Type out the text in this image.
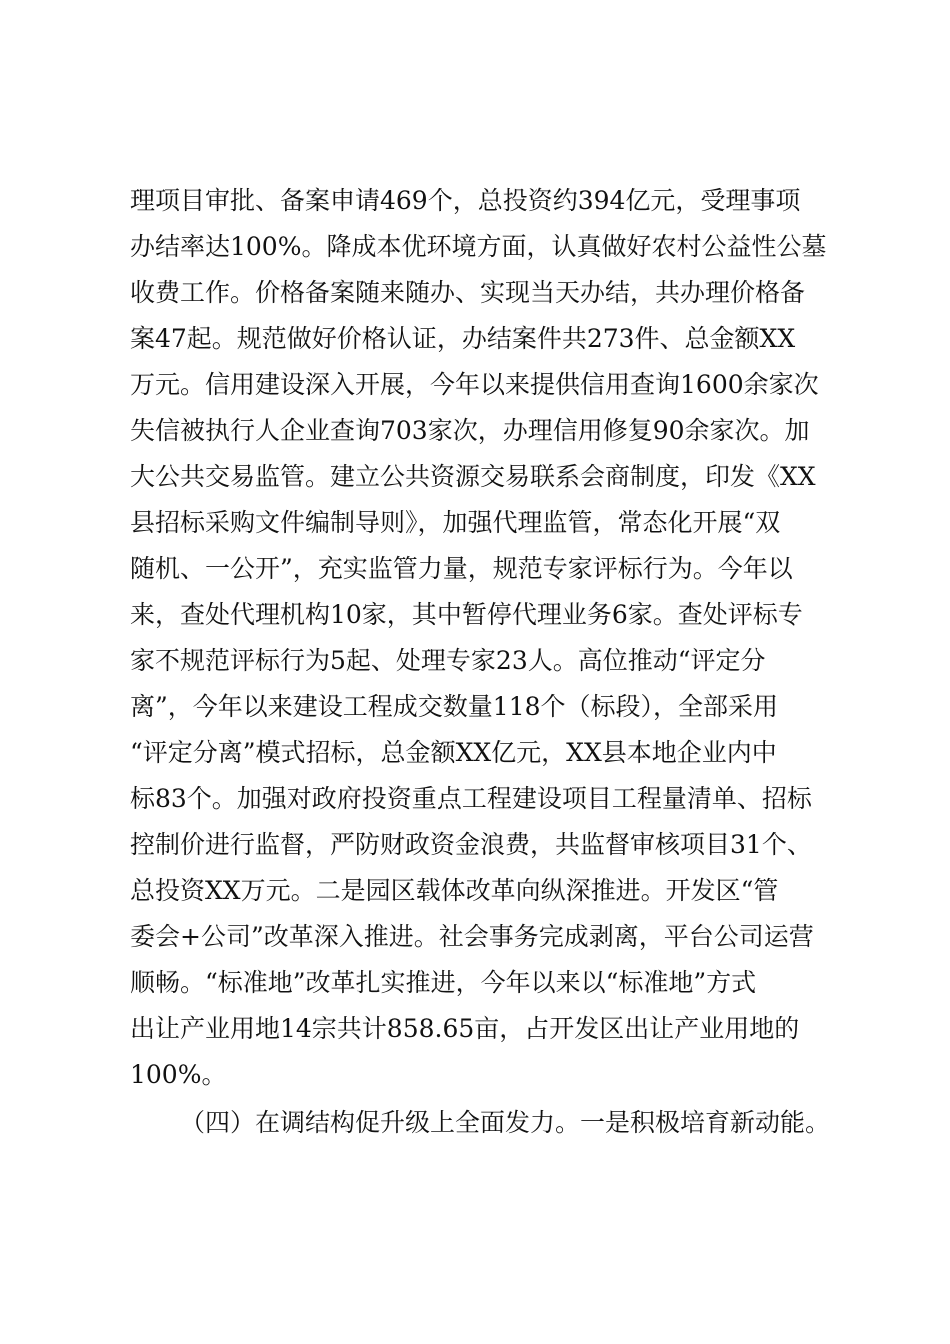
理项目审批、备案申请469个，总投资约394亿元，受理事项
办结率达100%。降成本优环境方面，认真做好农村公益性公墓
收费工作。价格备案随来随办、实现当天办结，共办理价格备
案47起。规范做好价格认证，办结案件共273件、总金额XX
万元。信用建设深入开展，今年以来提供信用查询1600余家次
失信被执行人企业查询703家次，办理信用修复90余家次。加
大公共交易监管。建立公共资源交易联系会商制度，印发《XX
县招标采购文件编制导则》，加强代理监管，常态化开展“双
随机、一公开”，充实监管力量，规范专家评标行为。今年以
来，查处代理机构10家，其中暂停代理业务6家。查处评标专
家不规范评标行为5起、处理专家23人。高位推动“评定分
离”，今年以来建设工程成交数量118个（标段），全部采用
“评定分离”模式招标，总金额XX亿元，XX县本地企业内中
标83个。加强对政府投资重点工程建设项目工程量清单、招标
控制价进行监督，严防财政资金浪费，共监督审核项目31个、
总投资XX万元。二是园区载体改革向纵深推进。开发区“管
委会+公司”改革深入推进。社会事务完成剥离，平台公司运营
顺畅。“标准地”改革扎实推进，今年以来以“标准地”方式
出让产业用地14宗共计858.65亩，占开发区出让产业用地的
100%。
（四）在调结构促升级上全面发力。一是积极培育新动能。
